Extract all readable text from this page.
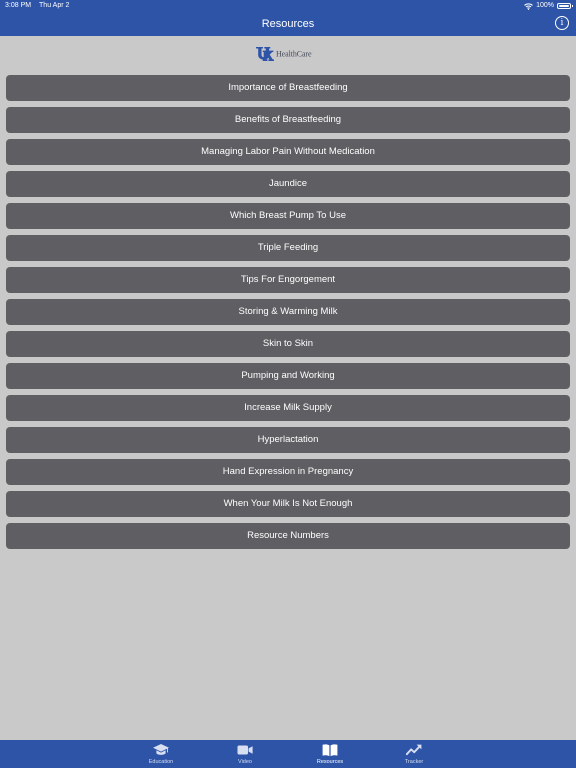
3:08 PM Thu Apr 2	100%
Resources	i
HealthCare.
Importance of Breastfeeding
Benefits of Breastfeeding
Managing Labor Pain Without Medication
Jaundice
Which Breast Pump To Use
Triple Feeding
Tips For Engorgement
Storing & Warming Milk
Skin to Skin
Pumping and Working
Increase Milk Supply
Hyperlactation
Hand Expression in Pregnancy
When Your Milk Is Not Enough
Resource Numbers
Education	Video	Resources	Tracker
